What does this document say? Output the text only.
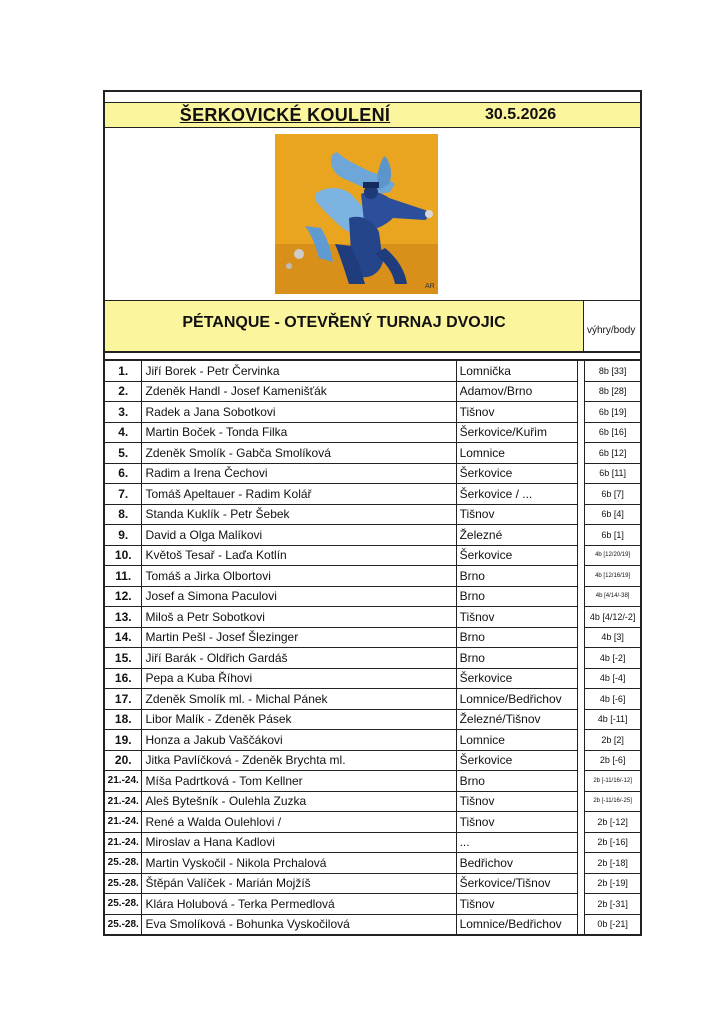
ŠERKOVICKÉ KOULENÍ	30.5.2026
AR
PÉTANQUE - OTEVŘENÝ TURNAJ DVOJIC	výhry/body
1.	Jiří Borek - Petr Červinka	Lomnička		8b [33]
2.	Zdeněk Handl - Josef Kamenišťák	Adamov/Brno		8b [28]
3.	Radek a Jana Sobotkovi	Tišnov		6b [19]
4.	Martin Boček - Tonda Filka	Šerkovice/Kuřim		6b [16]
5.	Zdeněk Smolík - Gabča Smolíková	Lomnice		6b [12]
6.	Radim a Irena Čechovi	Šerkovice		6b [11]
7.	Tomáš Apeltauer - Radim Kolář	Šerkovice / ...		6b [7]
8.	Standa Kuklík - Petr Šebek	Tišnov		6b [4]
9.	David a Olga Malíkovi	Železné		6b [1]
10.	Květoš Tesař - Laďa Kotlín	Šerkovice		4b [12/20/19]
11.	Tomáš a Jirka Olbortovi	Brno		4b [12/16/19]
12.	Josef a Simona Paculovi	Brno		4b [4/14/-38]
13.	Miloš a Petr Sobotkovi	Tišnov		4b [4/12/-2]
14.	Martin Pešl - Josef Šlezinger	Brno		4b [3]
15.	Jiří Barák - Oldřich Gardáš	Brno		4b [-2]
16.	Pepa a Kuba Říhovi	Šerkovice		4b [-4]
17.	Zdeněk Smolík ml. - Michal Pánek	Lomnice/Bedřichov		4b [-6]
18.	Libor Malík - Zdeněk Pásek	Železné/Tišnov		4b [-11]
19.	Honza a Jakub Vaščákovi	Lomnice		2b [2]
20.	Jitka Pavlíčková - Zdeněk Brychta ml.	Šerkovice		2b [-6]
21.-24.	Míša Padrtková - Tom Kellner	Brno		2b [-11/16/-12]
21.-24.	Aleš Bytešník - Oulehla Zuzka	Tišnov		2b [-11/16/-25]
21.-24.	René a Walda Oulehlovi /	Tišnov		2b [-12]
21.-24.	Miroslav a Hana Kadlovi	...		2b [-16]
25.-28.	Martin Vyskočil - Nikola Prchalová	Bedřichov		2b [-18]
25.-28.	Štěpán Valíček - Marián Mojžíš	Šerkovice/Tišnov		2b [-19]
25.-28.	Klára Holubová - Terka Permedlová	Tišnov		2b [-31]
25.-28.	Eva Smolíková - Bohunka Vyskočilová	Lomnice/Bedřichov		0b [-21]
